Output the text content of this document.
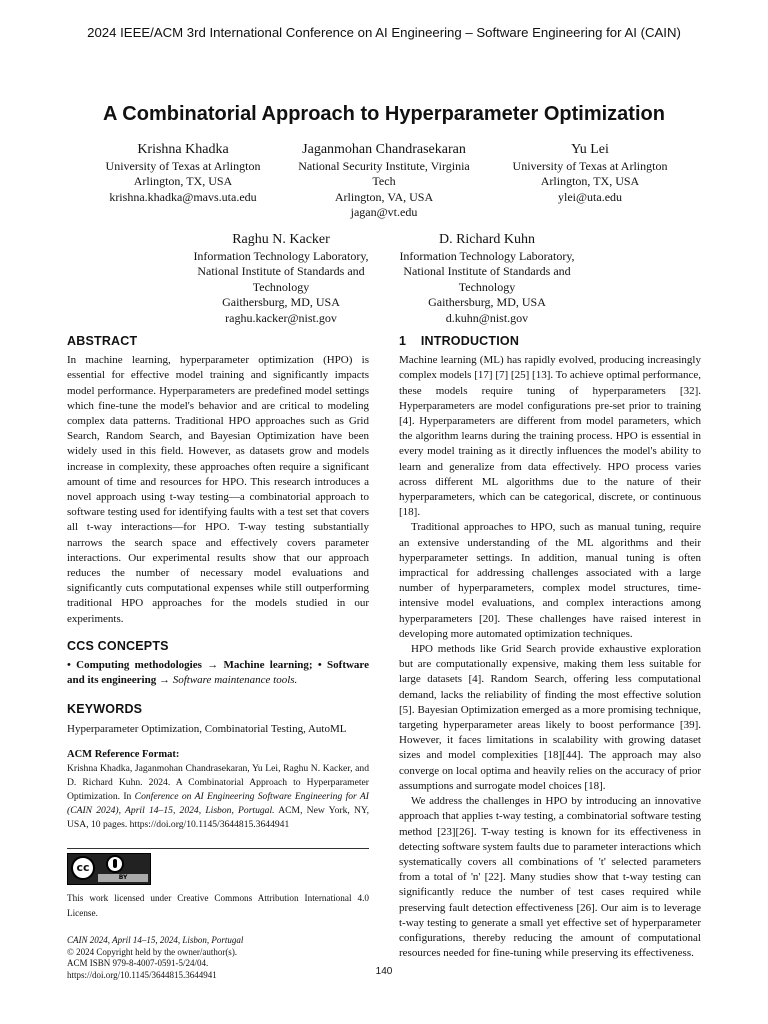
2024 IEEE/ACM 3rd International Conference on AI Engineering – Software Engineering for AI (CAIN)
A Combinatorial Approach to Hyperparameter Optimization
Krishna Khadka
University of Texas at Arlington
Arlington, TX, USA
krishna.khadka@mavs.uta.edu
Jaganmohan Chandrasekaran
National Security Institute, Virginia
Tech
Arlington, VA, USA
jagan@vt.edu
Yu Lei
University of Texas at Arlington
Arlington, TX, USA
ylei@uta.edu
Raghu N. Kacker
Information Technology Laboratory,
National Institute of Standards and
Technology
Gaithersburg, MD, USA
raghu.kacker@nist.gov
D. Richard Kuhn
Information Technology Laboratory,
National Institute of Standards and
Technology
Gaithersburg, MD, USA
d.kuhn@nist.gov
ABSTRACT

In machine learning, hyperparameter optimization (HPO) is essential for effective model training and significantly impacts model performance. Hyperparameters are predefined model settings which fine-tune the model's behavior and are critical to modeling complex data patterns. Traditional HPO approaches such as Grid Search, Random Search, and Bayesian Optimization have been widely used in this field. However, as datasets grow and models increase in complexity, these approaches often require a significant amount of time and resources for HPO. This research introduces a novel approach using t-way testing—a combinatorial approach to software testing used for identifying faults with a test set that covers all t-way interactions—for HPO. T-way testing substantially narrows the search space and effectively covers parameter interactions. Our experimental results show that our approach reduces the number of necessary model evaluations and significantly cuts computational expenses while still outperforming traditional HPO approaches for the models studied in our experiments.

CCS CONCEPTS

• Computing methodologies → Machine learning; • Software and its engineering → Software maintenance tools.

KEYWORDS

Hyperparameter Optimization, Combinatorial Testing, AutoML

ACM Reference Format:

Krishna Khadka, Jaganmohan Chandrasekaran, Yu Lei, Raghu N. Kacker, and D. Richard Kuhn. 2024. A Combinatorial Approach to Hyperparameter Optimization. In Conference on AI Engineering Software Engineering for AI (CAIN 2024), April 14–15, 2024, Lisbon, Portugal. ACM, New York, NY, USA, 10 pages. https://doi.org/10.1145/3644815.3644941

cc
BY

This work licensed under Creative Commons Attribution International 4.0 License.

CAIN 2024, April 14–15, 2024, Lisbon, Portugal
© 2024 Copyright held by the owner/author(s).
ACM ISBN 979-8-4007-0591-5/24/04.
https://doi.org/10.1145/3644815.3644941
1    INTRODUCTION

Machine learning (ML) has rapidly evolved, producing increasingly complex models [17] [7] [25] [13]. To achieve optimal performance, these models require tuning of hyperparameters [32]. Hyperparameters are model configurations pre-set prior to training [4]. Hyperparameters are different from model parameters, which the algorithm learns during the training process. HPO is essential in every model training as it directly influences the model's ability to learn and generalize from data effectively. HPO process varies across different ML algorithms due to the nature of their hyperparameters, which can be categorical, discrete, or continuous [18].

Traditional approaches to HPO, such as manual tuning, require an extensive understanding of the ML algorithms and their hyperparameter settings. In addition, manual tuning is often impractical for addressing challenges associated with a large number of hyperparameters, complex model structures, time-intensive model evaluations, and complex interactions among hyperparameters [20]. These challenges have raised interest in developing more automated optimization techniques.

HPO methods like Grid Search provide exhaustive exploration but are computationally expensive, making them less suitable for large datasets [4]. Random Search, offering less computational demand, lacks the reliability of finding the most effective solution [5]. Bayesian Optimization emerged as a more promising technique, targeting hyperparameter areas likely to boost performance [39]. However, it faces limitations in scalability with growing dataset sizes and model complexities [18][44]. The approach may also converge on local optima and heavily relies on the accuracy of prior assumptions and surrogate model choices [18].

We address the challenges in HPO by introducing an innovative approach that applies t-way testing, a combinatorial software testing method [23][26]. T-way testing is known for its effectiveness in detecting software system faults due to parameter interactions which systematically covers all combinations of 't' selected parameters from a total of 'n' [22]. Many studies show that t-way testing can significantly reduce the number of test cases required while preserving fault detection effectiveness [26]. Our aim is to leverage t-way testing to generate a small yet effective set of hyperparameter configurations, thereby reducing the amount of computational resources needed for fine-tuning while preserving its effectiveness.

140
